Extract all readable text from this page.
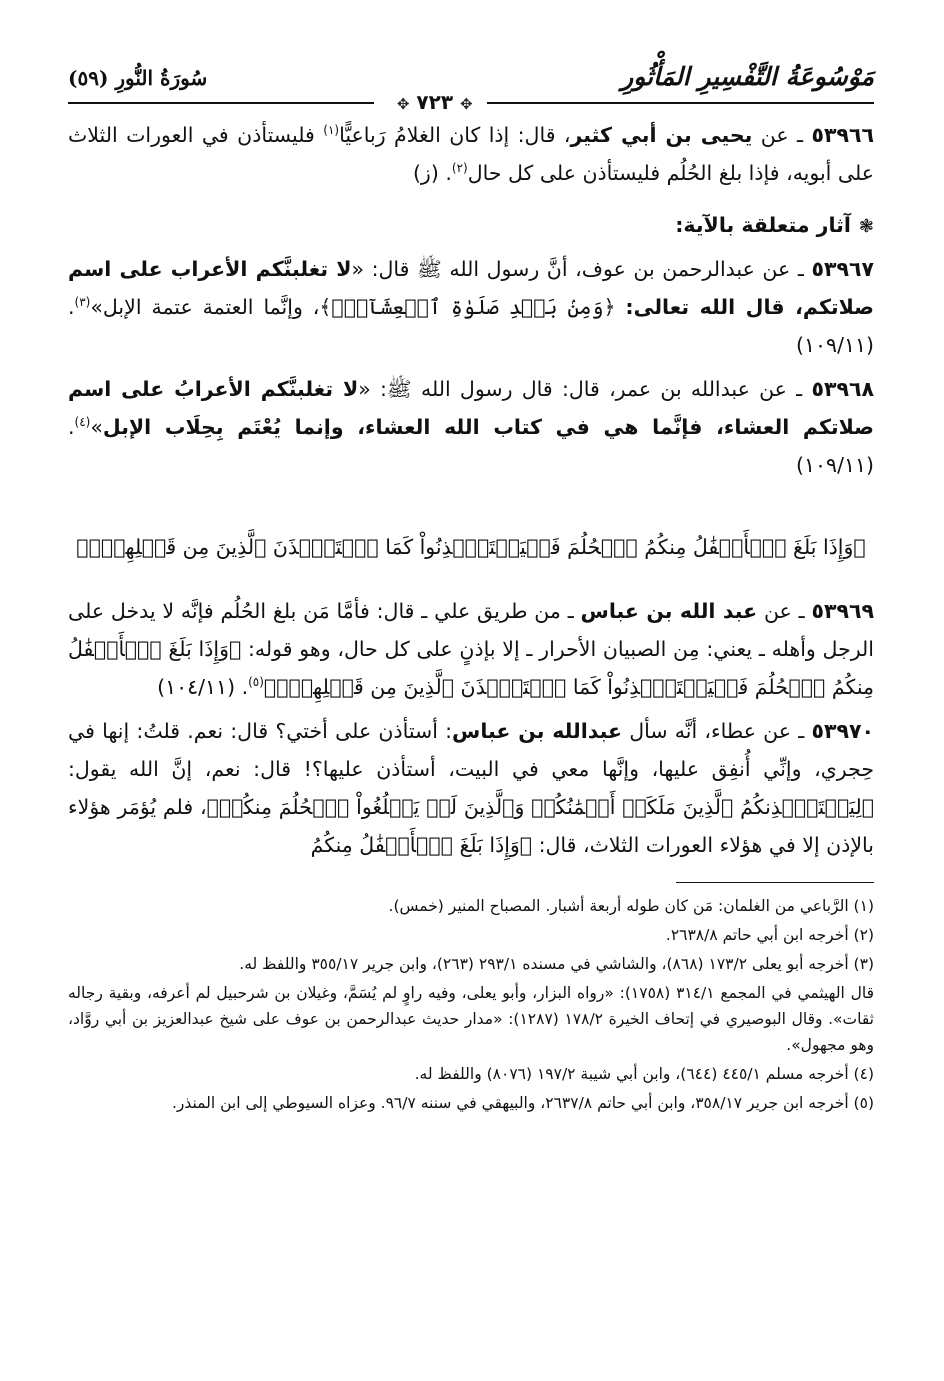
مَوْسُوعَةُ التَّفْسِيرِ المَأْثُورِ
سُورَةُ النُّورِ (٥٩)
✥ ٧٢٣ ✥

٥٣٩٦٦ ـ عن يحيى بن أبي كثير، قال: إذا كان الغلامُ رَباعيًّا$^{(١)}$ فليستأذن في العورات الثلاث على أبويه، فإذا بلغ الحُلُم فليستأذن على كل حال$^{(٢)}$. (ز)

❃آثار متعلقة بالآية:

٥٣٩٦٧ ـ عن عبدالرحمن بن عوف، أنَّ رسول الله ﷺ قال: «لا تغلبنَّكم الأعراب على اسم صلاتكم، قال الله تعالى: ﴿وَمِنۢ بَعۡدِ صَلَوٰةِ ٱلۡعِشَآءِۚ﴾، وإنَّما العتمة عتمة الإبل»$^{(٣)}$. (١٠٩/١١)

٥٣٩٦٨ ـ عن عبدالله بن عمر، قال: قال رسول الله ﷺ: «لا تغلبنَّكم الأعرابُ على اسم صلاتكم العشاء، فإنَّما هي في كتاب الله العشاء، وإنما يُعْتَم بِحِلَاب الإبل»$^{(٤)}$. (١٠٩/١١)

﴿وَإِذَا بَلَغَ ٱلۡأَطۡفَٰلُ مِنكُمُ ٱلۡحُلُمَ فَلۡيَسۡتَـٔۡذِنُواْ كَمَا ٱسۡتَـٔۡذَنَ ٱلَّذِينَ مِن قَبۡلِهِمۡۚ﴾

٥٣٩٦٩ ـ عن عبد الله بن عباس ـ من طريق علي ـ قال: فأمَّا مَن بلغ الحُلُم فإنَّه لا يدخل على الرجل وأهله ـ يعني: مِن الصبيان الأحرار ـ إلا بإذنٍ على كل حال، وهو قوله: ﴿وَإِذَا بَلَغَ ٱلۡأَطۡفَٰلُ مِنكُمُ ٱلۡحُلُمَ فَلۡيَسۡتَـٔۡذِنُواْ كَمَا ٱسۡتَـٔۡذَنَ ٱلَّذِينَ مِن قَبۡلِهِمۡۚ﴾$^{(٥)}$. (١٠٤/١١)

٥٣٩٧٠ ـ عن عطاء، أنَّه سأل عبدالله بن عباس: أستأذن على أختي؟ قال: نعم. قلتُ: إنها في حِجري، وإنِّي أُنفِق عليها، وإنَّها معي في البيت، أستأذن عليها؟! قال: نعم، إنَّ الله يقول: ﴿لِيَسۡتَـٔۡذِنكُمُ ٱلَّذِينَ مَلَكَتۡ أَيۡمَٰنُكُمۡ وَٱلَّذِينَ لَمۡ يَبۡلُغُواْ ٱلۡحُلُمَ مِنكُمۡ﴾، فلم يُؤمَر هؤلاء بالإذن إلا في هؤلاء العورات الثلاث، قال: ﴿وَإِذَا بَلَغَ ٱلۡأَطۡفَٰلُ مِنكُمُ

(١) الرَّباعي من الغلمان: مَن كان طوله أربعة أشبار. المصباح المنير (خمس).

(٢) أخرجه ابن أبي حاتم ٢٦٣٨/٨.

(٣) أخرجه أبو يعلى ١٧٣/٢ (٨٦٨)، والشاشي في مسنده ٢٩٣/١ (٢٦٣)، وابن جرير ٣٥٥/١٧ واللفظ له.

قال الهيثمي في المجمع ٣١٤/١ (١٧٥٨): «رواه البزار، وأبو يعلى، وفيه راوٍ لم يُسَمَّ، وغيلان بن شرحبيل لم أعرفه، وبقية رجاله ثقات». وقال البوصيري في إتحاف الخيرة ١٧٨/٢ (١٢٨٧): «مدار حديث عبدالرحمن بن عوف على شيخ عبدالعزيز بن أبي روَّاد، وهو مجهول».

(٤) أخرجه مسلم ٤٤٥/١ (٦٤٤)، وابن أبي شيبة ١٩٧/٢ (٨٠٧٦) واللفظ له.

(٥) أخرجه ابن جرير ٣٥٨/١٧، وابن أبي حاتم ٢٦٣٧/٨، والبيهقي في سننه ٩٦/٧. وعزاه السيوطي إلى ابن المنذر.
